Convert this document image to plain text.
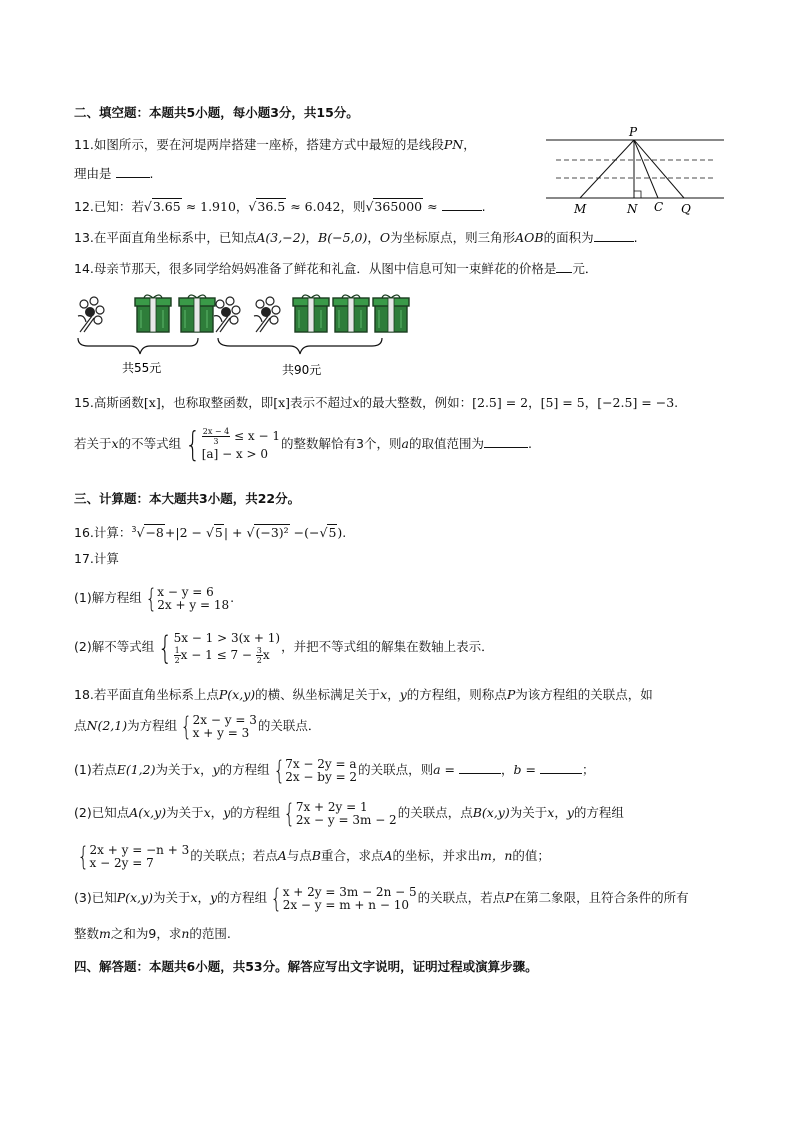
二、填空题：本题共5小题，每小题3分，共15分。
11.如图所示，要在河堤两岸搭建一座桥，搭建方式中最短的是线段PN，
理由是	.
P
M	N C Q
12.已知：若√3.65 ≈ 1.910，√36.5 ≈ 6.042，则√365000 ≈	.
13.在平面直角坐标系中，已知点A(3,−2)，B(−5,0)，O为坐标原点，则三角形AOB的面积为	.
14.母亲节那天，很多同学给妈妈准备了鲜花和礼盒．从图中信息可知一束鲜花的价格是 元．
共55元	共90元
15.高斯函数[x]，也称取整函数，即[x]表示不超过x的最大整数，例如：[2.5] = 2，[5] = 5，[−2.5] = −3.
若关于x的不等式组 { $\frac{2x - 4}{3} \le x - 1$
[a] − x > 0
的整数解恰有3个，则a的取值范围为	.
三、计算题：本大题共3小题，共22分。
16.计算：$^3$√−8+|2 − √5| + √(−3)² −(−√5).
17.计算
(1)解方程组 { x − y = 6
2x + y = 18 .
(2)解不等式组 { 5x − 1 > 3(x + 1)
$\frac{1}{2}$ $x - 1 \le 7 - \frac{3}{2}$ x
，并把不等式组的解集在数轴上表示．
18.若平面直角坐标系上点P(x,y)的横、纵坐标满足关于x，y的方程组，则称点P为该方程组的关联点，如
点N(2,1)为方程组 { 2x − y = 3
x + y = 3 的关联点．
(1)若点E(1,2)为关于x，y的方程组 { 7x − 2y = a
2x − by = 2 的关联点，则a =	，b =	；
(2)已知点A(x,y)为关于x，y的方程组 { 7x + 2y = 1
2x − y = 3m − 2 的关联点，点B(x,y)为关于x，y的方程组
{ 2x + y = −n + 3
x − 2y = 7	的关联点；若点A与点B重合，求点A的坐标，并求出m，n的值；
(3)已知P(x,y)为关于x，y的方程组 { x + 2y = 3m − 2n − 5
2x − y = m + n − 10 的关联点，若点P在第二象限，且符合条件的所有
整数m之和为9，求n的范围.
四、解答题：本题共6小题，共53分。解答应写出文字说明，证明过程或演算步骤。
